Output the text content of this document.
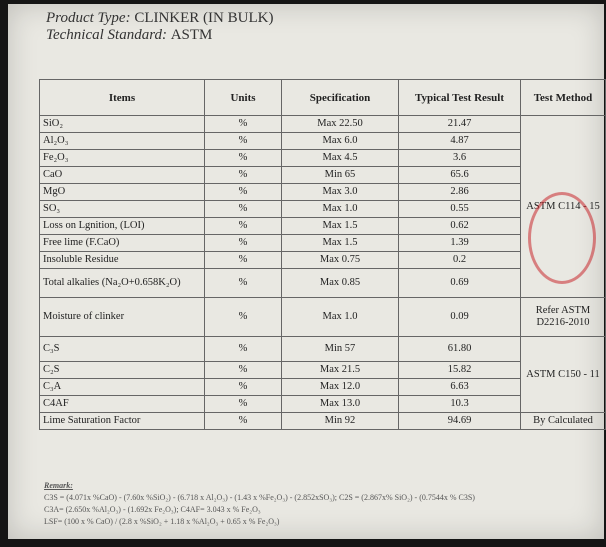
Product Type: CLINKER (IN BULK)
Technical Standard: ASTM
Items	Units	Specification	Typical Test Result	Test Method
SiO₂	%	Max 22.50	21.47	ASTM C114 - 15
Al₂O₃	%	Max 6.0	4.87	
Fe₂O₃	%	Max 4.5	3.6	
CaO	%	Min 65	65.6	
MgO	%	Max 3.0	2.86	
SO₃	%	Max 1.0	0.55	
Loss on Lgnition, (LOI)	%	Max 1.5	0.62	
Free lime (F.CaO)	%	Max 1.5	1.39	
Insoluble Residue	%	Max 0.75	0.2	
Total alkalies (Na₂O+0.658K₂O)	%	Max 0.85	0.69	
Moisture of clinker	%	Max 1.0	0.09	Refer ASTM D2216-2010
C₃S	%	Min 57	61.80	ASTM C150 - 11
C₂S	%	Max 21.5	15.82	
C₃A	%	Max 12.0	6.63	
C4AF	%	Max 13.0	10.3	
Lime Saturation Factor	%	Min 92	94.69	By Calculated
Remark:
C3S = (4.071x %CaO) - (7.60x %SiO₂) - (6.718 x Al₂O₃) - (1.43 x %Fe₂O₃) - (2.852xSO₃); C2S = (2.867x% SiO₂) - (0.7544x % C3S)
C3A= (2.650x %Al₂O₃) - (1.692x Fe₂O₃); C4AF= 3.043 x % Fe₂O₃
LSF= (100 x % CaO) / (2.8 x %SiO₂ + 1.18 x %Al₂O₃ + 0.65 x % Fe₂O₃)
